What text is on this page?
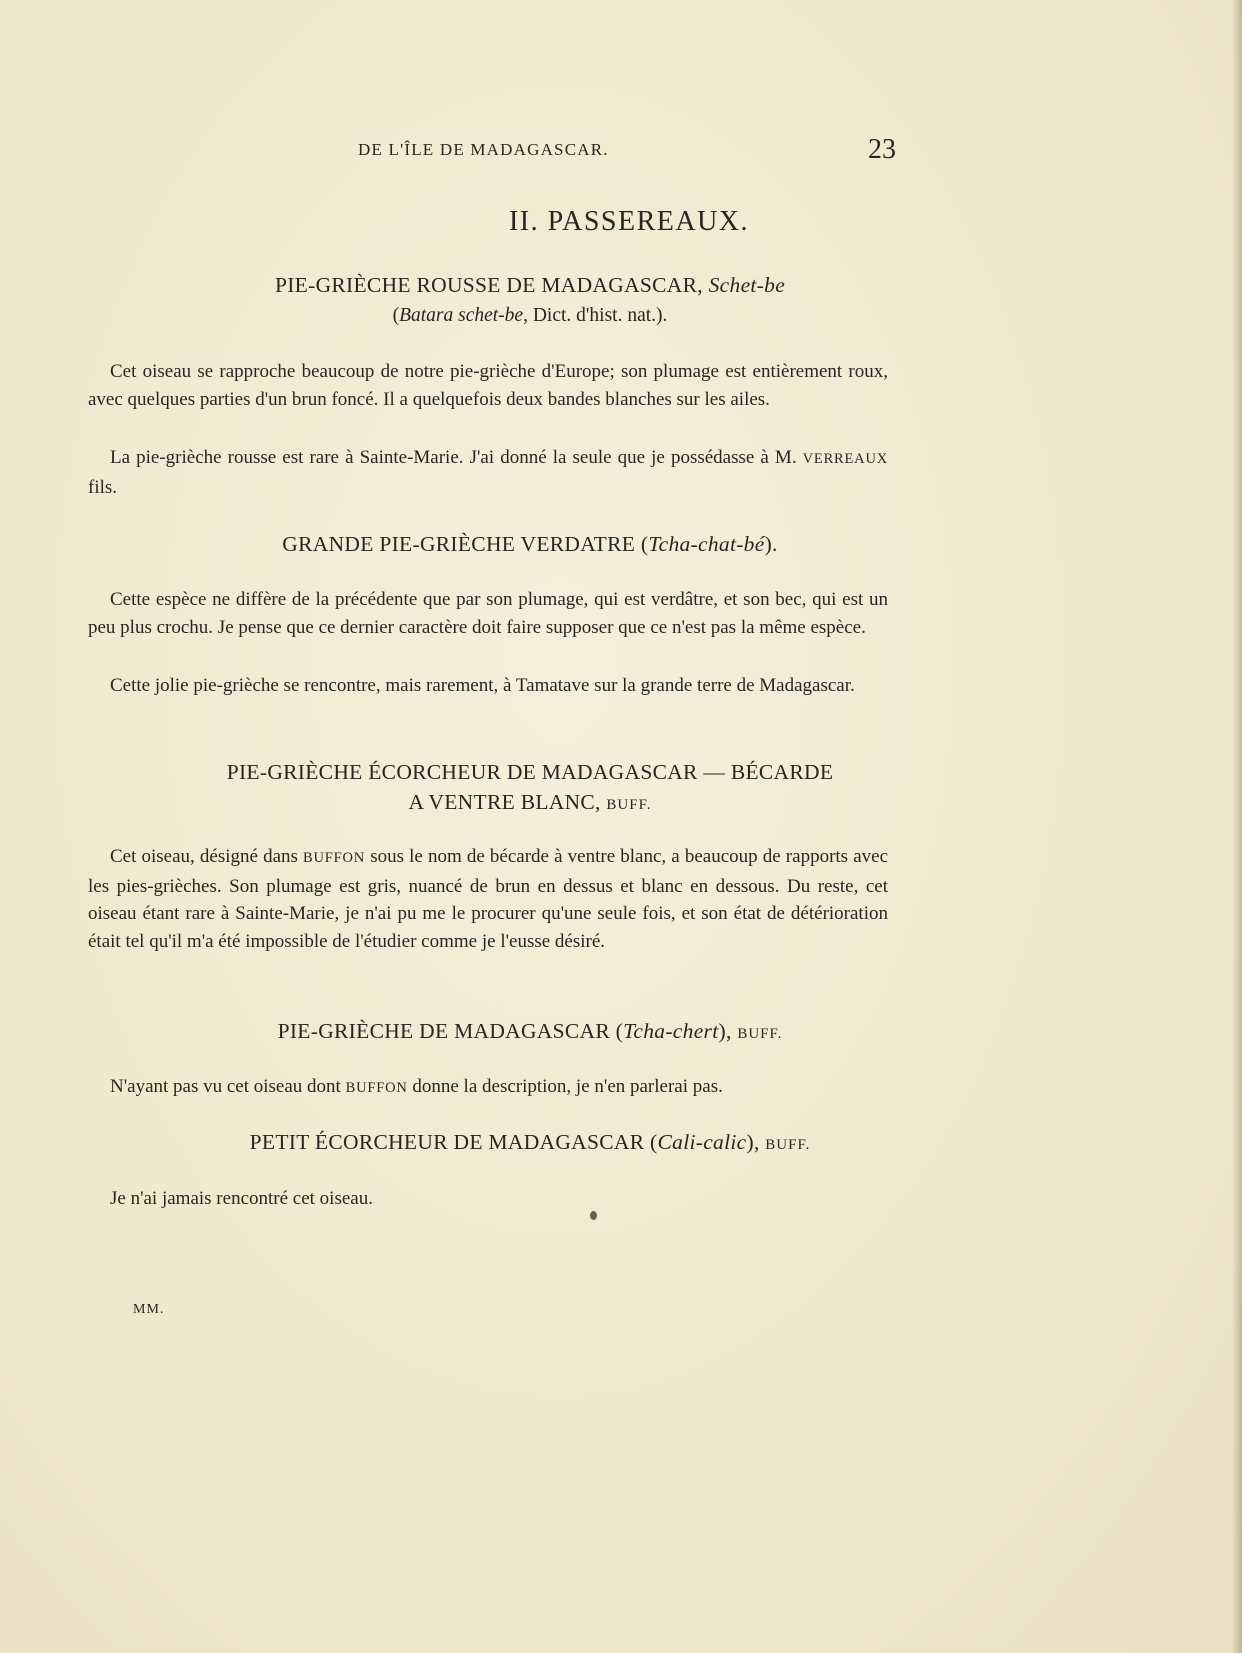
DE L'ÎLE DE MADAGASCAR.	23
II. PASSEREAUX.
PIE-GRIÈCHE ROUSSE DE MADAGASCAR, Schet-be
(Batara schet-be, Dict. d'hist. nat.).

Cet oiseau se rapproche beaucoup de notre pie-grièche d'Europe; son plumage est entièrement roux, avec quelques parties d'un brun foncé. Il a quelquefois deux bandes blanches sur les ailes.

La pie-grièche rousse est rare à Sainte-Marie. J'ai donné la seule que je possédasse à M. VERREAUX fils.

GRANDE PIE-GRIÈCHE VERDATRE (Tcha-chat-bé).

Cette espèce ne diffère de la précédente que par son plumage, qui est verdâtre, et son bec, qui est un peu plus crochu. Je pense que ce dernier caractère doit faire supposer que ce n'est pas la même espèce.

Cette jolie pie-grièche se rencontre, mais rarement, à Tamatave sur la grande terre de Madagascar.

PIE-GRIÈCHE ÉCORCHEUR DE MADAGASCAR — BÉCARDE
A VENTRE BLANC, BUFF.

Cet oiseau, désigné dans BUFFON sous le nom de bécarde à ventre blanc, a beaucoup de rapports avec les pies-grièches. Son plumage est gris, nuancé de brun en dessus et blanc en dessous. Du reste, cet oiseau étant rare à Sainte-Marie, je n'ai pu me le procurer qu'une seule fois, et son état de détérioration était tel qu'il m'a été impossible de l'étudier comme je l'eusse désiré.

PIE-GRIÈCHE DE MADAGASCAR (Tcha-chert), BUFF.

N'ayant pas vu cet oiseau dont BUFFON donne la description, je n'en parlerai pas.

PETIT ÉCORCHEUR DE MADAGASCAR (Cali-calic), BUFF.

Je n'ai jamais rencontré cet oiseau.

MM.
